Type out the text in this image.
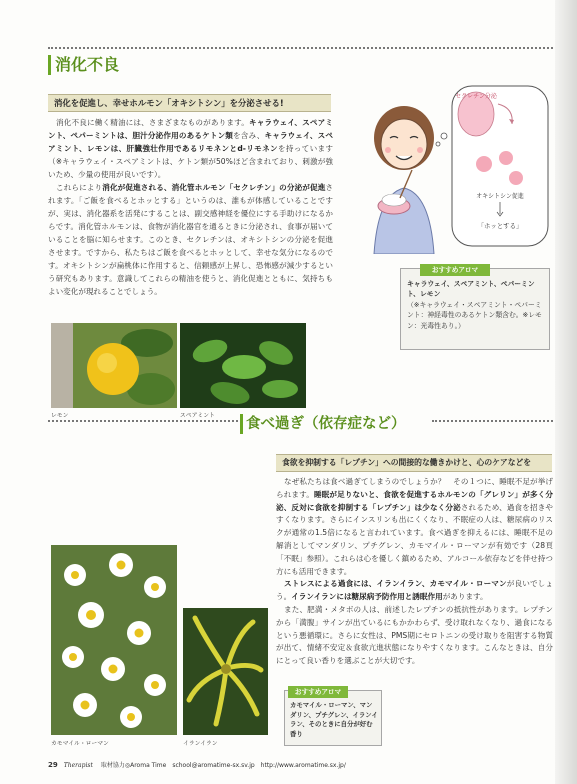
消化不良
消化を促進し、幸せホルモン「オキシトシン」を分泌させる!
消化不良に働く精油には、さまざまなものがあります。キャラウェイ、スペアミント、ペパーミントは、胆汁分泌作用のあるケトン類を含み、キャラウェイ、スペアミント、レモンは、肝臓強壮作用であるリモネンとd-リモネンを持っています（※キャラウェイ・スペアミントは、ケトン類が50%ほど含まれており、刺激が強いため、少量の使用が良いです）。
これらにより消化が促進される、消化管ホルモン「セクレチン」の分泌が促進されます。「ご飯を食べるとホッとする」というのは、誰もが体感していることですが、実は、消化器系を活発にすることは、副交感神経を優位にする手助けになるからです。消化管ホルモンは、食物が消化器官を通るときに分泌され、食事が届いていることを脳に知らせます。このとき、セクレチンは、オキシトシンの分泌を促進させます。ですから、私たちはご飯を食べるとホッとして、幸せな気分になるのです。オキシトシンが扁桃体に作用すると、信頼感が上昇し、恐怖感が減少するという研究もあります。意識してこれらの精油を使うと、消化促進とともに、気持ちもよい変化が現れることでしょう。
セクレチン分泌
オキシトシン促進
「ホッとする」
おすすめアロマ
キャラウェイ、スペアミント、ペパーミント、レモン
（※キャラウェイ・スペアミント・ペパーミント：神経毒性のあるケトン類含む。※レモン：光毒性あり。）
レモン	スペアミント 食べ過ぎ（依存症など）
食欲を抑制する「レプチン」への間接的な働きかけと、心のケアなどを
なぜ私たちは食べ過ぎてしまうのでしょうか？　その１つに、睡眠不足が挙げられます。睡眠が足りないと、食欲を促進するホルモンの「グレリン」が多く分泌、反対に食欲を抑制する「レプチン」は少なく分泌されるため、過食を招きやすくなります。さらにインスリンも出にくくなり、不眠症の人は、糖尿病のリスクが通常の1.5倍になると言われています。食べ過ぎを抑えるには、睡眠不足の解消としてマンダリン、プチグレン、カモマイル・ローマンが有効です（28頁「不眠」参照）。これらは心を優しく鎮めるため、アルコール依存などを伴せ持つ方にも活用できます。
ストレスによる過食には、イランイラン、カモマイル・ローマンが良いでしょう。イランイランには糖尿病予防作用と誘眠作用があります。
また、肥満・メタボの人は、前述したレプチンの抵抗性があります。レプチンから「満腹」サインが出ているにもかかわらず、受け取れなくなり、過食になるという悪循環に。さらに女性は、PMS期にセロトニンの受け取りを阻害する物質が出て、情緒不安定＆食欲亢進状態になりやすくなります。こんなときは、自分にとって良い香りを選ぶことが大切です。
カモマイル・ローマン	イランイラン
おすすめアロマ
カモマイル・ローマン、マンダリン、プチグレン、イランイラン、そのときに自分が好む香り
29 Therapist 取材協力◎Aroma Time　school@aromatime-sx.sv.jp　http://www.aromatime.sx.jp/
